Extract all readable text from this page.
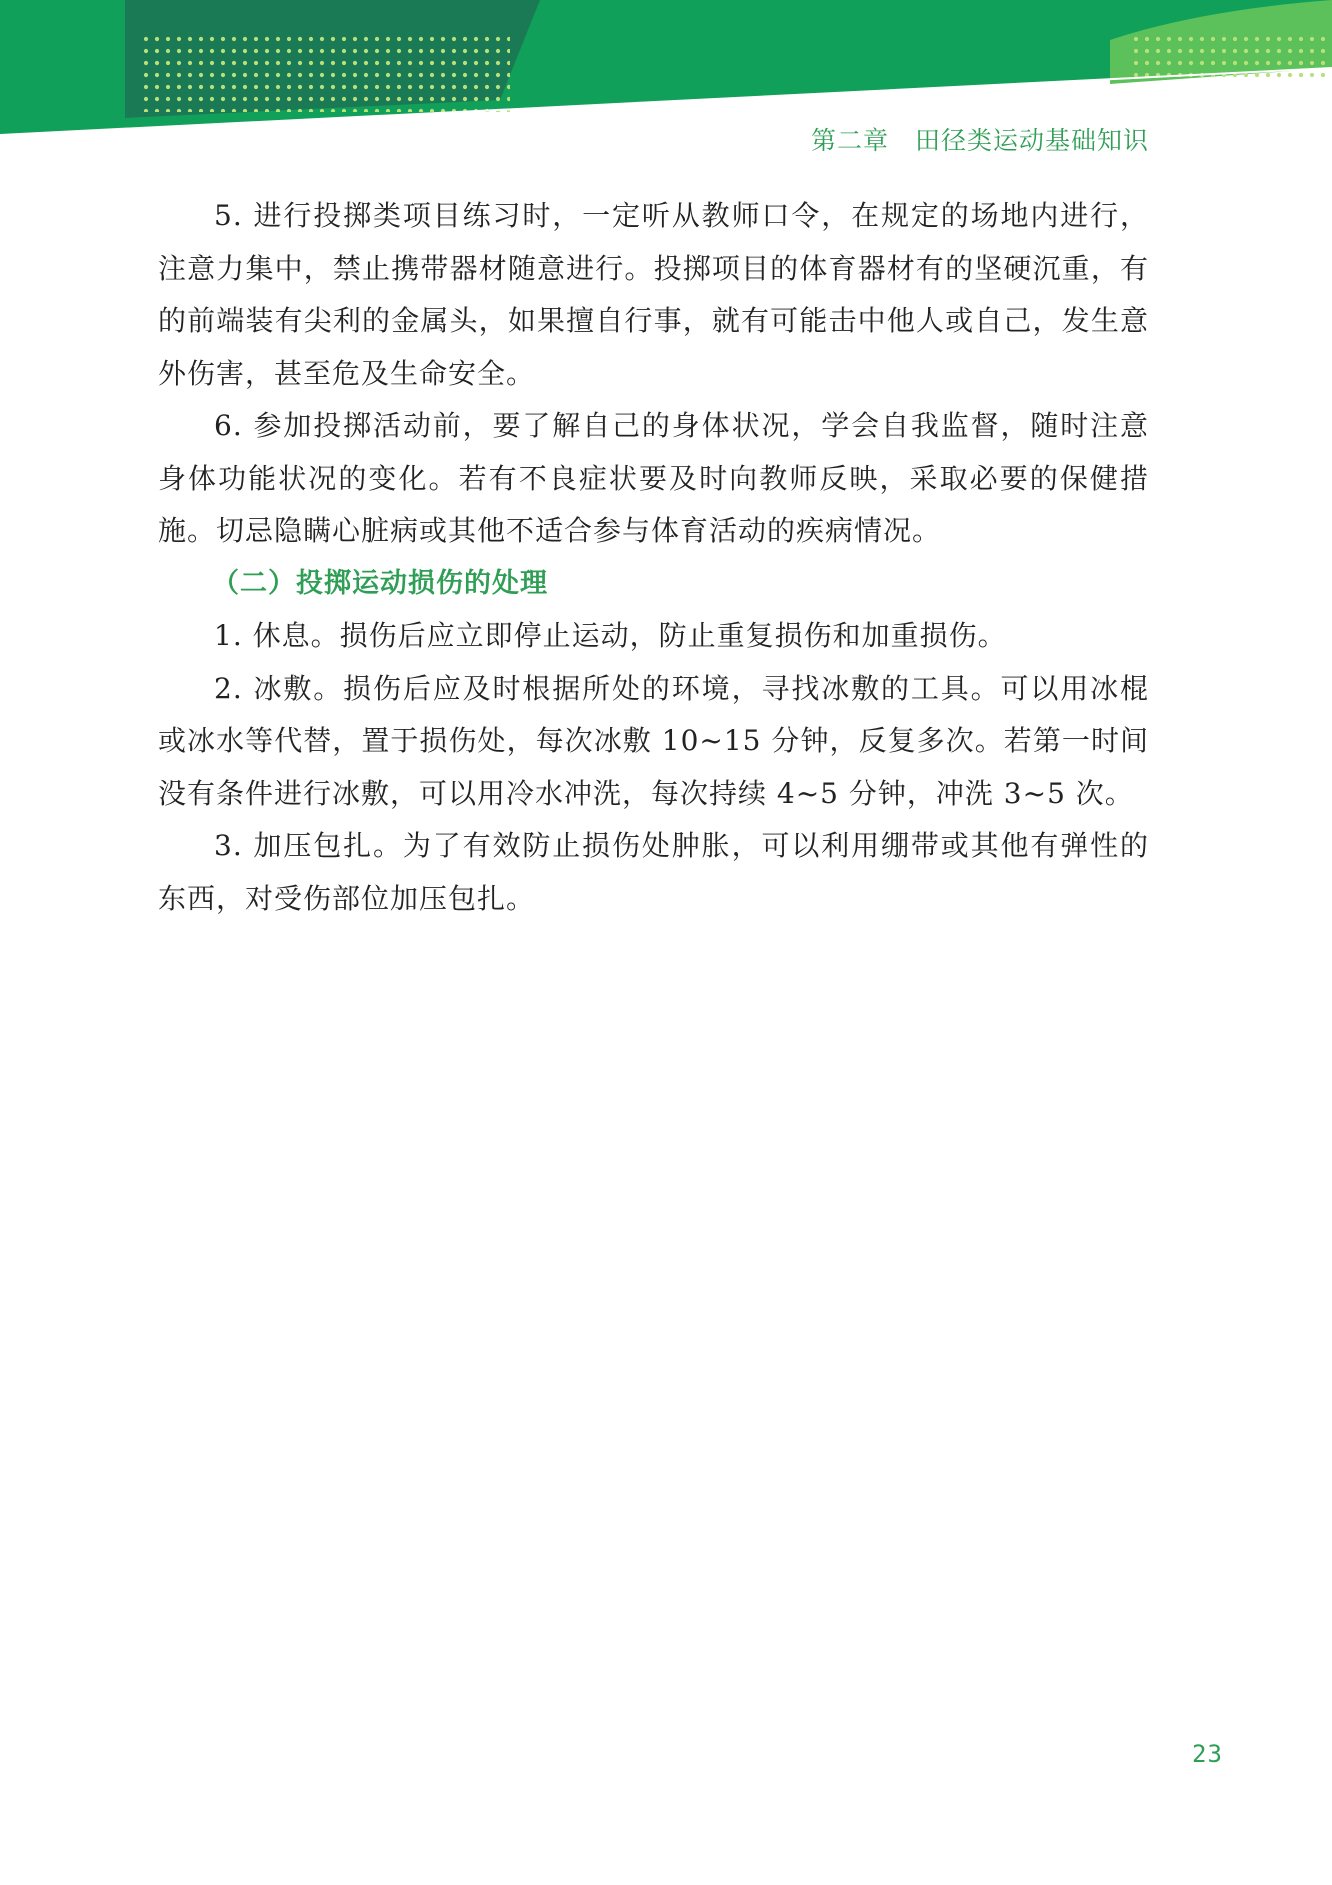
第二章 田径类运动基础知识

5. 进行投掷类项目练习时，一定听从教师口令，在规定的场地内进行，注意力集中，禁止携带器材随意进行。投掷项目的体育器材有的坚硬沉重，有的前端装有尖利的金属头，如果擅自行事，就有可能击中他人或自己，发生意外伤害，甚至危及生命安全。

6. 参加投掷活动前，要了解自己的身体状况，学会自我监督，随时注意身体功能状况的变化。若有不良症状要及时向教师反映，采取必要的保健措施。切忌隐瞒心脏病或其他不适合参与体育活动的疾病情况。

（二）投掷运动损伤的处理

1. 休息。损伤后应立即停止运动，防止重复损伤和加重损伤。

2. 冰敷。损伤后应及时根据所处的环境，寻找冰敷的工具。可以用冰棍或冰水等代替，置于损伤处，每次冰敷 10~15 分钟，反复多次。若第一时间没有条件进行冰敷，可以用冷水冲洗，每次持续 4~5 分钟，冲洗 3~5 次。

3. 加压包扎。为了有效防止损伤处肿胀，可以利用绷带或其他有弹性的东西，对受伤部位加压包扎。

23
